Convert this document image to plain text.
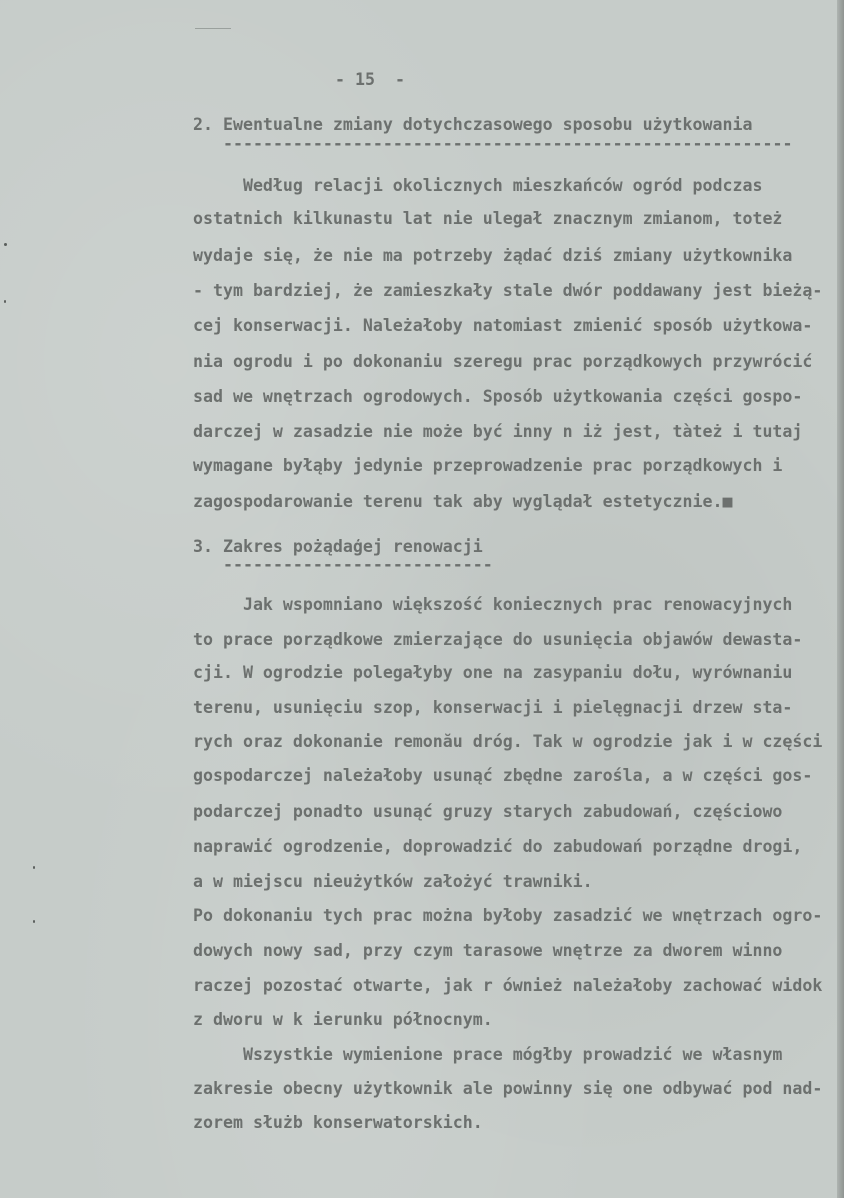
- 15  -
2. Ewentualne zmiany dotychczasowego sposobu użytkowania
---------------------------------------------------------
Według relacji okolicznych mieszkańców ogród podczas
ostatnich kilkunastu lat nie ulegał znacznym zmianom, toteż
wydaje się, że nie ma potrzeby żądać dziś zmiany użytkownika
- tym bardziej, że zamieszkały stale dwór poddawany jest bieżą-
cej konserwacji. Należałoby natomiast zmienić sposób użytkowa-
nia ogrodu i po dokonaniu szeregu prac porządkowych przywrócić
sad we wnętrzach ogrodowych. Sposób użytkowania części gospo-
darczej w zasadzie nie może być inny n iż jest, tàteż i tutaj
wymagane byłąby jedynie przeprowadzenie prac porządkowych i
zagospodarowanie terenu tak aby wyglądał estetycznie.■
3. Zakres pożądaģej renowacji
---------------------------
Jak wspomniano większość koniecznych prac renowacyjnych
to prace porządkowe zmierzające do usunięcia objawów dewasta-
cji. W ogrodzie polegałyby one na zasypaniu dołu, wyrównaniu
terenu, usunięciu szop, konserwacji i pielęgnacji drzew sta-
rych oraz dokonanie remonău dróg. Tak w ogrodzie jak i w części
gospodarczej należałoby usunąć zbędne zarośla, a w części gos-
podarczej ponadto usunąć gruzy starych zabudowań, częściowo
naprawić ogrodzenie, doprowadzić do zabudowań porządne drogi,
a w miejscu nieużytków założyć trawniki.
Po dokonaniu tych prac można byłoby zasadzić we wnętrzach ogro-
dowych nowy sad, przy czym tarasowe wnętrze za dworem winno
raczej pozostać otwarte, jak r ównież należałoby zachować widok
z dworu w k ierunku północnym.
Wszystkie wymienione prace mógłby prowadzić we własnym
zakresie obecny użytkownik ale powinny się one odbywać pod nad-
zorem służb konserwatorskich.
